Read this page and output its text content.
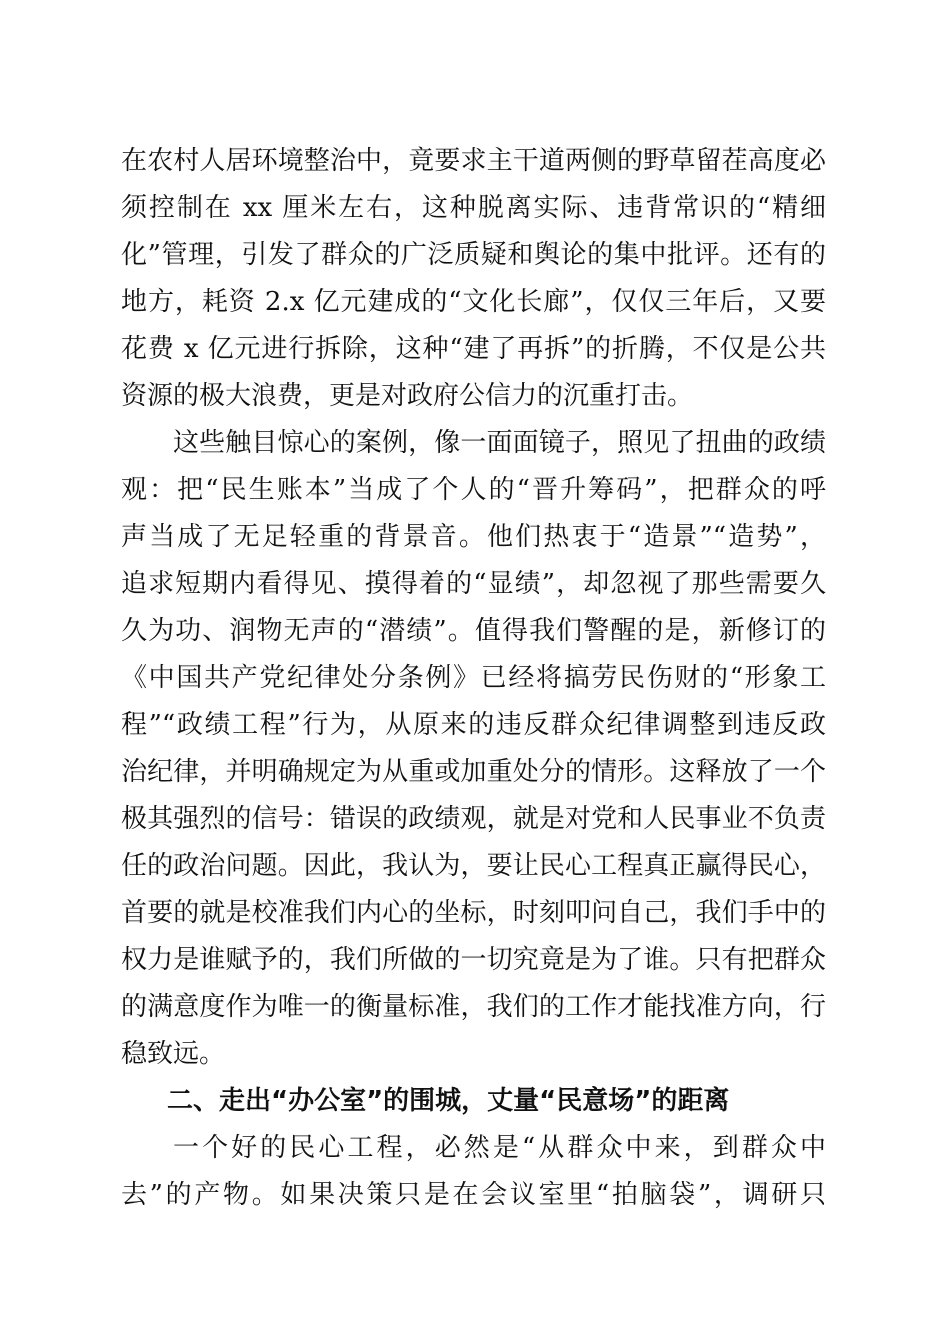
在农村人居环境整治中，竟要求主干道两侧的野草留茬高度必
须控制在 xx 厘米左右，这种脱离实际、违背常识的“精细
化”管理，引发了群众的广泛质疑和舆论的集中批评。还有的
地方，耗资 2.x 亿元建成的“文化长廊”，仅仅三年后，又要
花费 x 亿元进行拆除，这种“建了再拆”的折腾，不仅是公共
资源的极大浪费，更是对政府公信力的沉重打击。
这些触目惊心的案例，像一面面镜子，照见了扭曲的政绩
观：把“民生账本”当成了个人的“晋升筹码”，把群众的呼
声当成了无足轻重的背景音。他们热衷于“造景”“造势”，
追求短期内看得见、摸得着的“显绩”，却忽视了那些需要久
久为功、润物无声的“潜绩”。值得我们警醒的是，新修订的
《中国共产党纪律处分条例》已经将搞劳民伤财的“形象工
程”“政绩工程”行为，从原来的违反群众纪律调整到违反政
治纪律，并明确规定为从重或加重处分的情形。这释放了一个
极其强烈的信号：错误的政绩观，就是对党和人民事业不负责
任的政治问题。因此，我认为，要让民心工程真正赢得民心，
首要的就是校准我们内心的坐标，时刻叩问自己，我们手中的
权力是谁赋予的，我们所做的一切究竟是为了谁。只有把群众
的满意度作为唯一的衡量标准，我们的工作才能找准方向，行
稳致远。
二、走出“办公室”的围城，丈量“民意场”的距离
一个好的民心工程，必然是“从群众中来，到群众中
去”的产物。如果决策只是在会议室里“拍脑袋”，调研只
